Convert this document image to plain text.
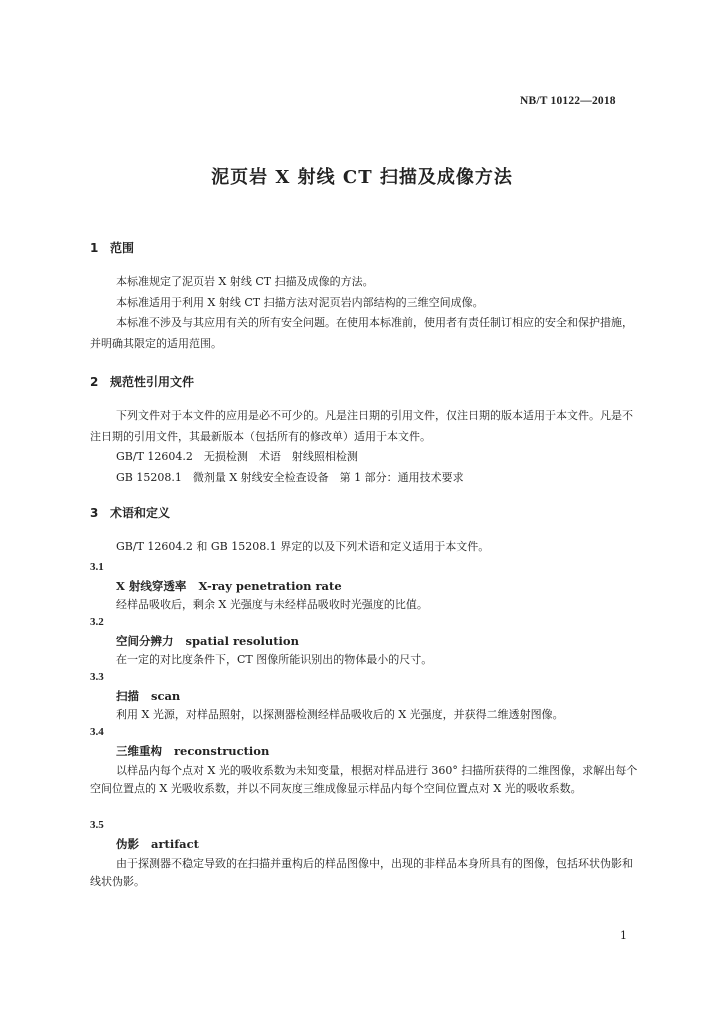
NB/T 10122—2018
泥页岩 X 射线 CT 扫描及成像方法
1 范围

本标准规定了泥页岩 X 射线 CT 扫描及成像的方法。

本标准适用于利用 X 射线 CT 扫描方法对泥页岩内部结构的三维空间成像。

本标准不涉及与其应用有关的所有安全问题。在使用本标准前，使用者有责任制订相应的安全和保护措施，并明确其限定的适用范围。

2 规范性引用文件

下列文件对于本文件的应用是必不可少的。凡是注日期的引用文件，仅注日期的版本适用于本文件。凡是不注日期的引用文件，其最新版本（包括所有的修改单）适用于本文件。

GB/T 12604.2　无损检测　术语　射线照相检测

GB 15208.1　微剂量 X 射线安全检查设备　第 1 部分：通用技术要求

3 术语和定义

GB/T 12604.2 和 GB 15208.1 界定的以及下列术语和定义适用于本文件。

3.1
X 射线穿透率 X-ray penetration rate

经样品吸收后，剩余 X 光强度与未经样品吸收时光强度的比值。

3.2
空间分辨力 spatial resolution

在一定的对比度条件下，CT 图像所能识别出的物体最小的尺寸。

3.3
扫描 scan

利用 X 光源，对样品照射，以探测器检测经样品吸收后的 X 光强度，并获得二维透射图像。

3.4
三维重构 reconstruction

以样品内每个点对 X 光的吸收系数为未知变量，根据对样品进行 360° 扫描所获得的二维图像，求解出每个空间位置点的 X 光吸收系数，并以不同灰度三维成像显示样品内每个空间位置点对 X 光的吸收系数。

3.5
伪影 artifact

由于探测器不稳定导致的在扫描并重构后的样品图像中，出现的非样品本身所具有的图像，包括环状伪影和线状伪影。

1
